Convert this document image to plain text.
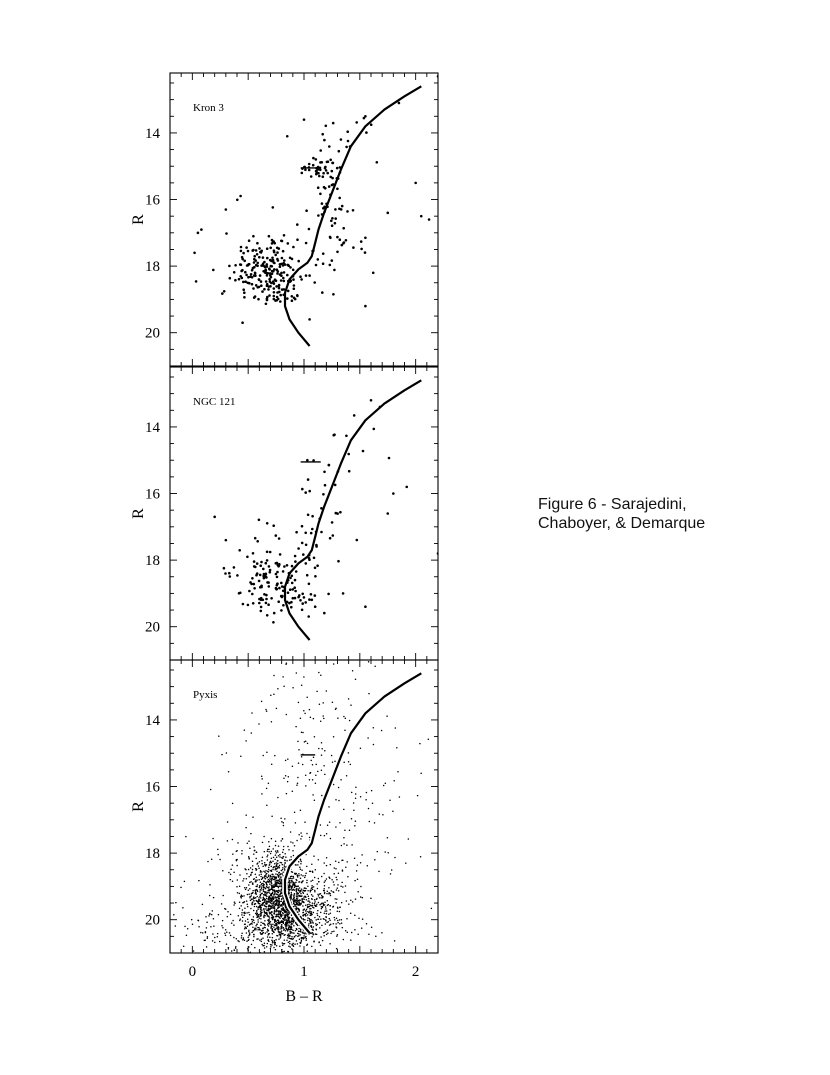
14
16
18
20
R
Kron 3
14
16
18
20
R
NGC 121
14
16
18
20
0	1	2
R
B – R
Pyxis
Figure 6 - Sarajedini,
Chaboyer, & Demarque
